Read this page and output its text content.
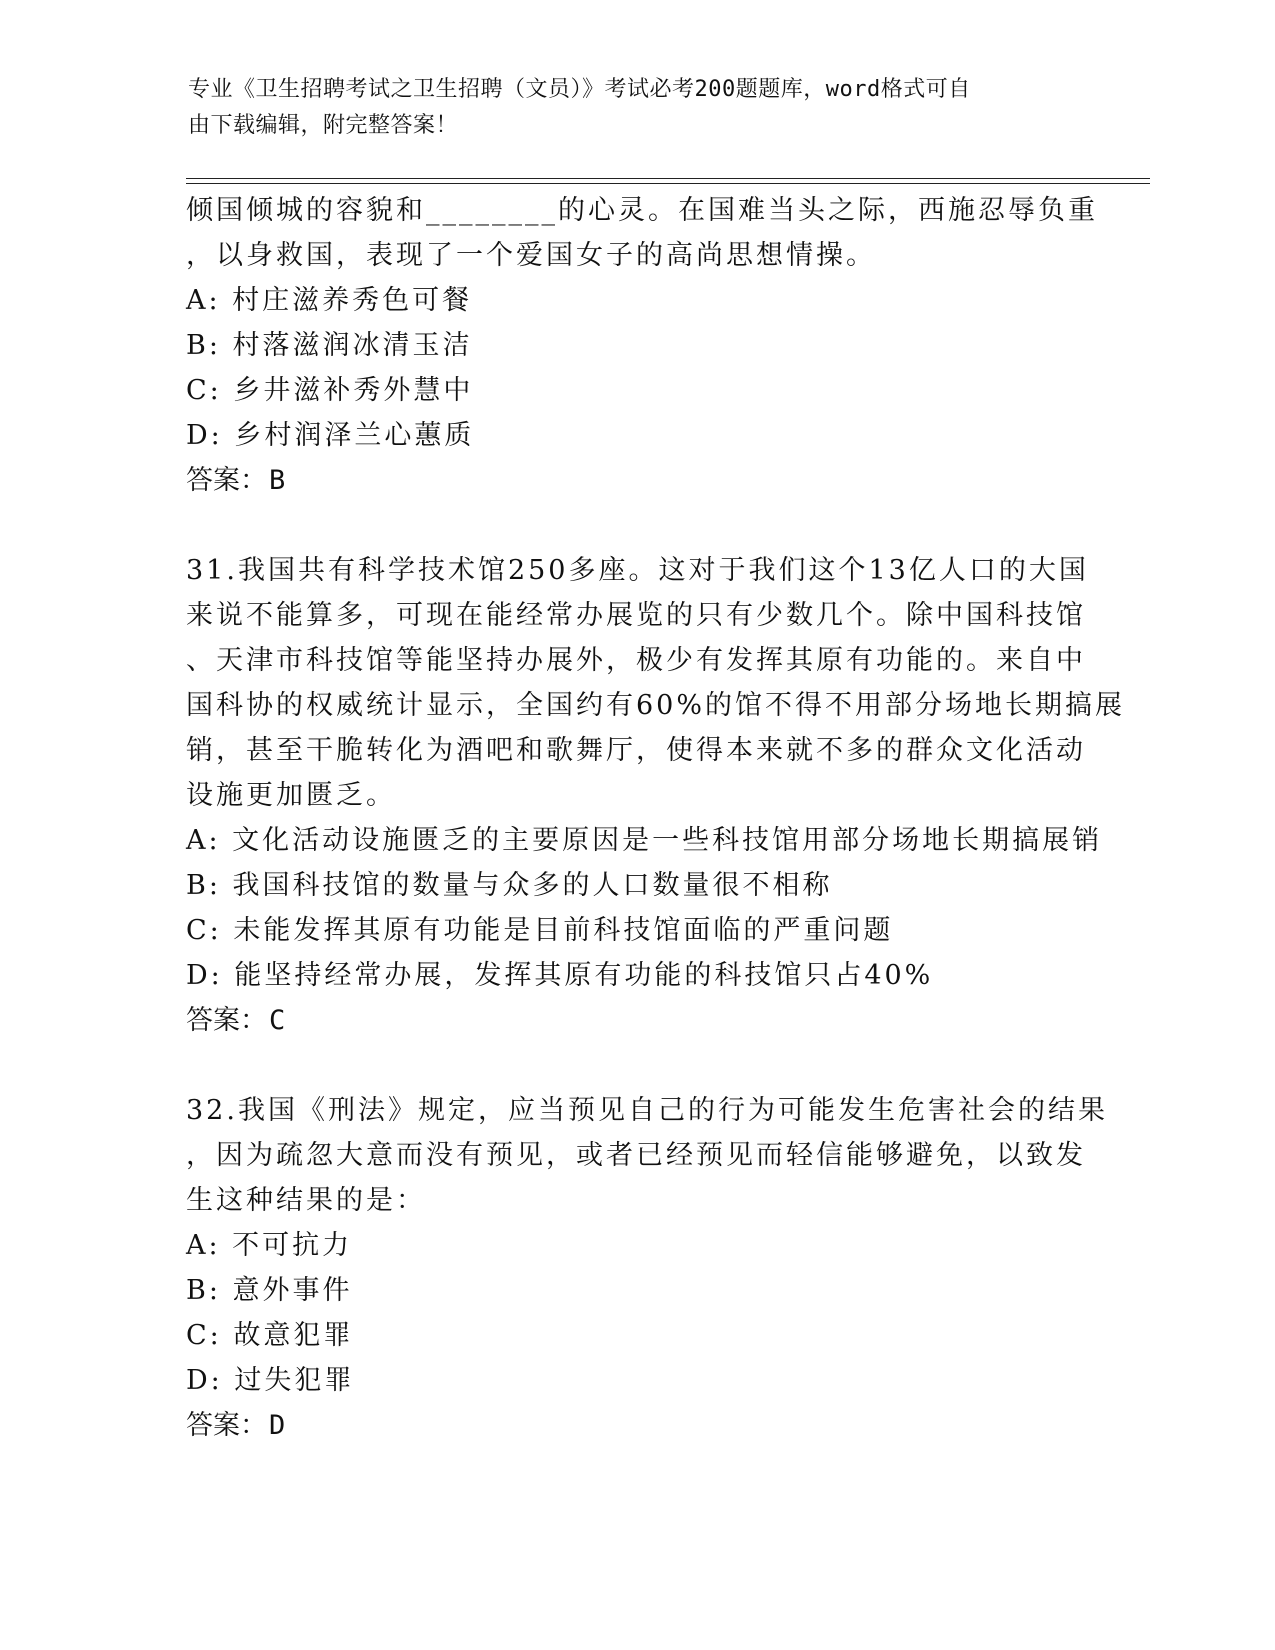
专业《卫生招聘考试之卫生招聘（文员）》考试必考200题题库，word格式可自
由下载编辑，附完整答案！
倾国倾城的容貌和________的心灵。在国难当头之际，西施忍辱负重
，以身救国，表现了一个爱国女子的高尚思想情操。
A: 村庄滋养秀色可餐
B: 村落滋润冰清玉洁
C: 乡井滋补秀外慧中
D: 乡村润泽兰心蕙质
答案：B
31.我国共有科学技术馆250多座。这对于我们这个13亿人口的大国
来说不能算多，可现在能经常办展览的只有少数几个。除中国科技馆
、天津市科技馆等能坚持办展外，极少有发挥其原有功能的。来自中
国科协的权威统计显示，全国约有60%的馆不得不用部分场地长期搞展
销，甚至干脆转化为酒吧和歌舞厅，使得本来就不多的群众文化活动
设施更加匮乏。
A: 文化活动设施匮乏的主要原因是一些科技馆用部分场地长期搞展销
B: 我国科技馆的数量与众多的人口数量很不相称
C: 未能发挥其原有功能是目前科技馆面临的严重问题
D: 能坚持经常办展，发挥其原有功能的科技馆只占40%
答案：C
32.我国《刑法》规定，应当预见自己的行为可能发生危害社会的结果
，因为疏忽大意而没有预见，或者已经预见而轻信能够避免，以致发
生这种结果的是：
A: 不可抗力
B: 意外事件
C: 故意犯罪
D: 过失犯罪
答案：D
